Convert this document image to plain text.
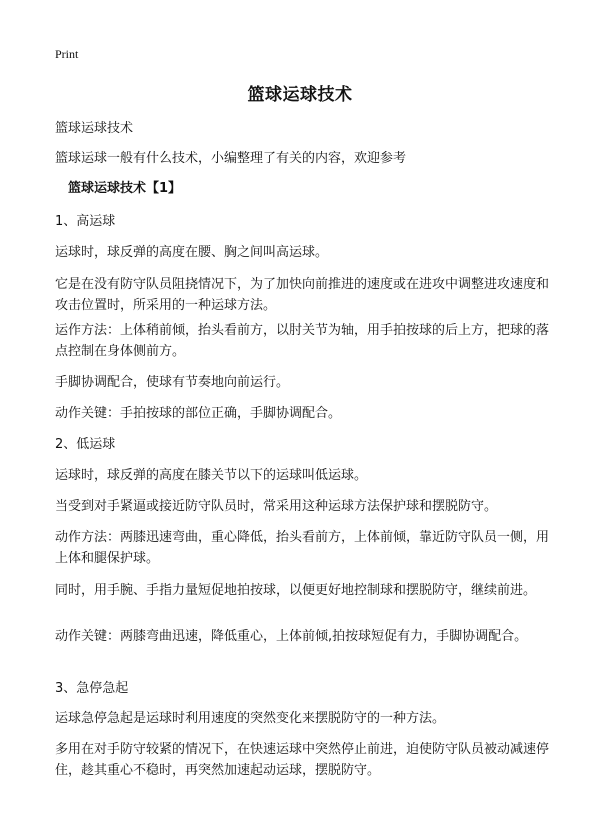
Print
篮球运球技术
篮球运球技术
篮球运球一般有什么技术，小编整理了有关的内容，欢迎参考
篮球运球技术【1】
1、高运球
运球时，球反弹的高度在腰、胸之间叫高运球。
它是在没有防守队员阻挠情况下，为了加快向前推进的速度或在进攻中调整进攻速度和攻击位置时，所采用的一种运球方法。
运作方法：上体稍前倾，抬头看前方，以肘关节为轴，用手拍按球的后上方，把球的落点控制在身体侧前方。
手脚协调配合，使球有节奏地向前运行。
动作关键：手拍按球的部位正确，手脚协调配合。
2、低运球
运球时，球反弹的高度在膝关节以下的运球叫低运球。
当受到对手紧逼或接近防守队员时，常采用这种运球方法保护球和摆脱防守。
动作方法：两膝迅速弯曲，重心降低，抬头看前方，上体前倾，靠近防守队员一侧，用上体和腿保护球。
同时，用手腕、手指力量短促地拍按球，以便更好地控制球和摆脱防守，继续前进。
动作关键：两膝弯曲迅速，降低重心，上体前倾,拍按球短促有力，手脚协调配合。
3、急停急起
运球急停急起是运球时利用速度的突然变化来摆脱防守的一种方法。
多用在对手防守较紧的情况下，在快速运球中突然停止前进，迫使防守队员被动减速停住，趁其重心不稳时，再突然加速起动运球，摆脱防守。
